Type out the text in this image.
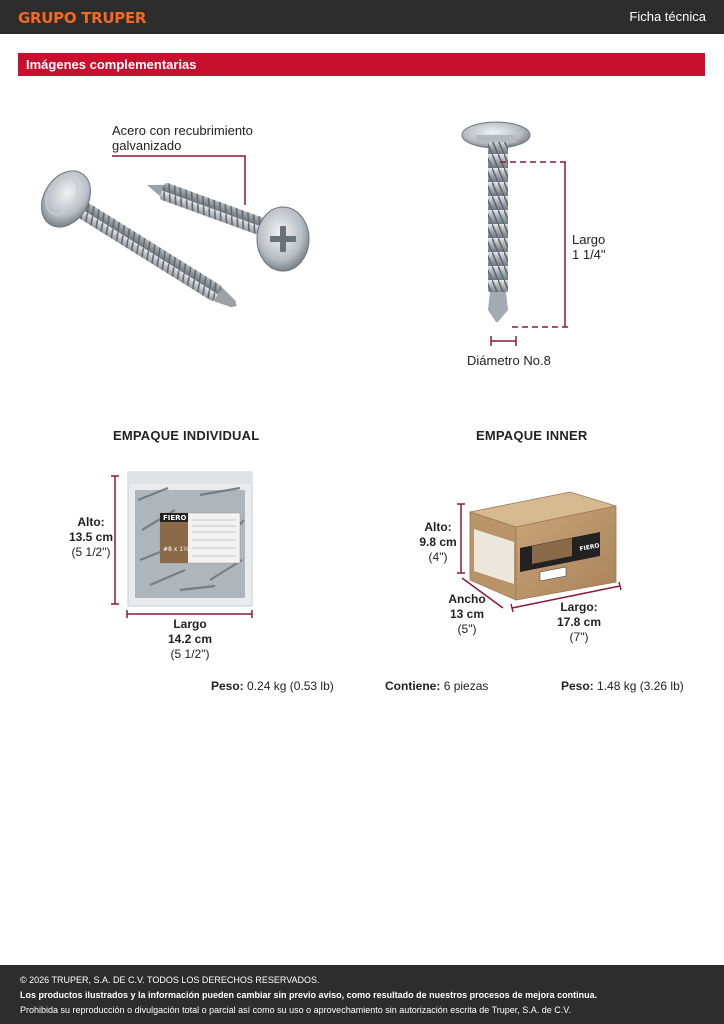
GRUPO TRUPER	Ficha técnica
Imágenes complementarias
FIERO
#8 x 1¼"	FIERO
Acero con recubrimiento
galvanizado
Largo
1 1/4"
Diámetro No.8
EMPAQUE INDIVIDUAL	EMPAQUE INNER
Alto:
13.5 cm
(5 1/2")
Largo
14.2 cm
(5 1/2")
Alto:
9.8 cm
(4")
Ancho
13 cm
(5")
Largo:
17.8 cm
(7")
Peso: 0.24 kg (0.53 lb)	Contiene: 6 piezas	Peso: 1.48 kg (3.26 lb)
© 2026 TRUPER, S.A. DE C.V. TODOS LOS DERECHOS RESERVADOS.
Los productos ilustrados y la información pueden cambiar sin previo aviso, como resultado de nuestros procesos de mejora continua.
Prohibida su reproducción o divulgación total o parcial así como su uso o aprovechamiento sin autorización escrita de Truper, S.A. de C.V.
